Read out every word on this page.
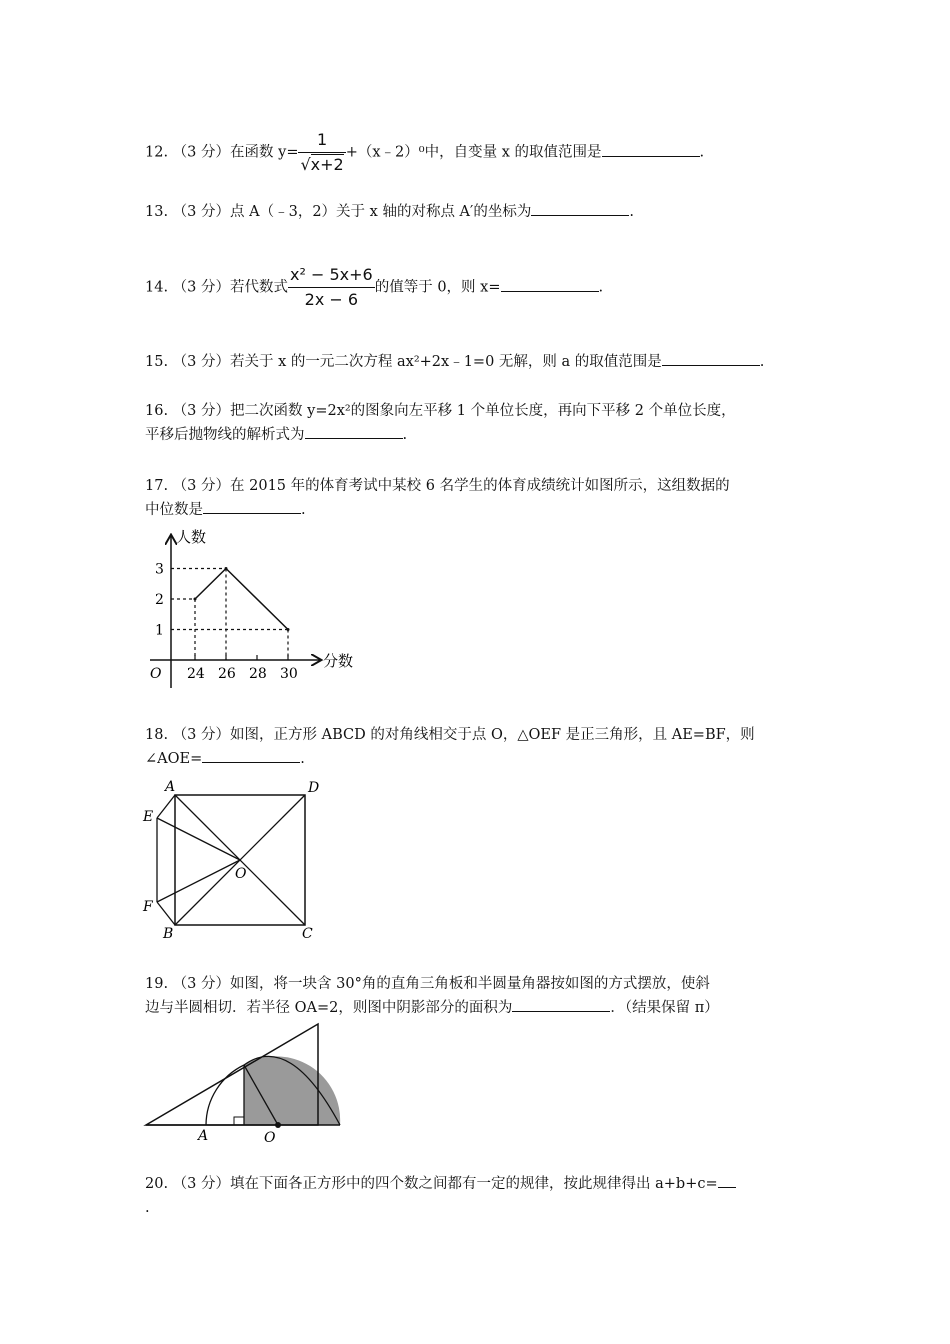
12. （3 分）在函数 $y= \frac{1}{√x+2}$ +（x﹣2）⁰中，自变量 x 的取值范围是	.
13. （3 分）点 A（﹣3，2）关于 x 轴的对称点 A′的坐标为	.
14. （3 分）若代数式 $\frac{\text{x² − 5x+6}}{2x - 6}$ 的值等于 0，则 x=	.
15. （3 分）若关于 x 的一元二次方程 ax²+2x﹣1=0 无解，则 a 的取值范围是	.
16. （3 分）把二次函数 y=2x²的图象向左平移 1 个单位长度，再向下平移 2 个单位长度，
平移后抛物线的解析式为	.
17. （3 分）在 2015 年的体育考试中某校 6 名学生的体育成绩统计如图所示，这组数据的
中位数是	.
人数
分数
O 24 26 28 30
1
2
3
18. （3 分）如图，正方形 ABCD 的对角线相交于点 O，△OEF 是正三角形，且 AE=BF，则
∠AOE=	.
A	D
E
O
F
B	C
19. （3 分）如图，将一块含 30°角的直角三角板和半圆量角器按如图的方式摆放，使斜
边与半圆相切．若半径 OA=2，则图中阴影部分的面积为	．（结果保留 π）
A	O
20. （3 分）填在下面各正方形中的四个数之间都有一定的规律，按此规律得出 a+b+c=
.
